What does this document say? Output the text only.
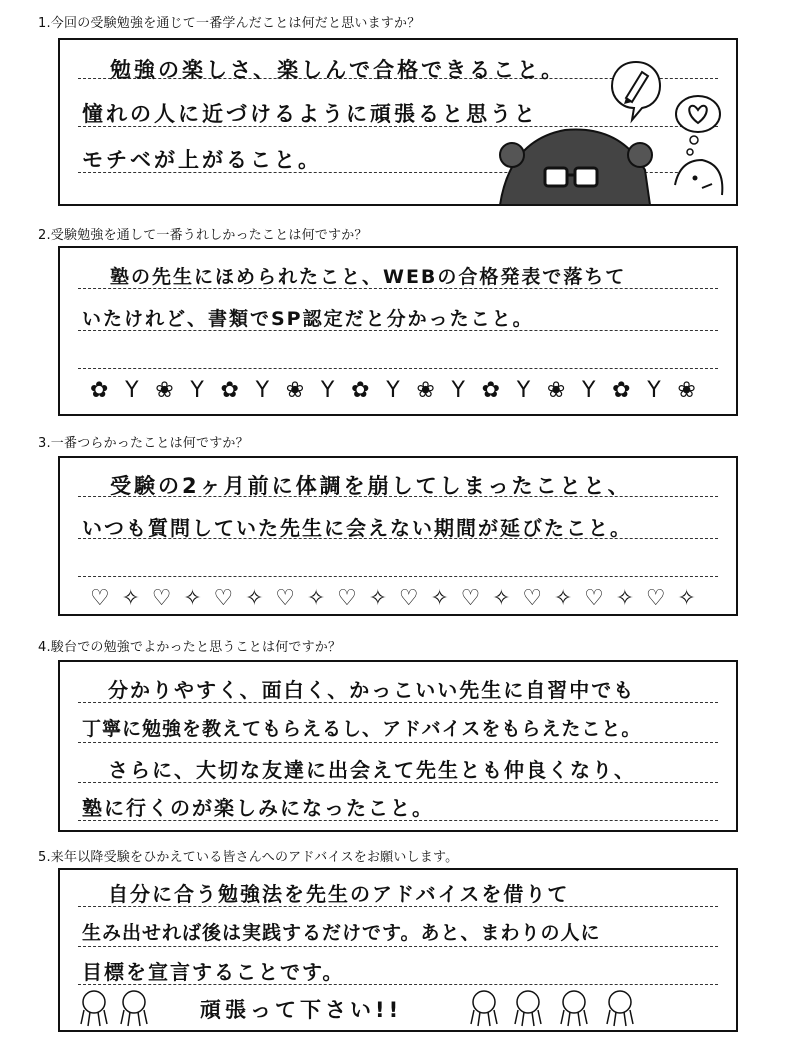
1.今回の受験勉強を通じて一番学んだことは何だと思いますか？
勉強の楽しさ、楽しんで合格できること。
憧れの人に近づけるように頑張ると思うと
モチベが上がること。
2.受験勉強を通して一番うれしかったことは何ですか？
塾の先生にほめられたこと、WEBの合格発表で落ちて
いたけれど、書類でSP認定だと分かったこと。
✿ Y ❀ Y ✿ Y ❀ Y ✿ Y ❀ Y ✿ Y ❀ Y ✿ Y ❀
3.一番つらかったことは何ですか？
受験の2ヶ月前に体調を崩してしまったことと、
いつも質問していた先生に会えない期間が延びたこと。
♡ ✧ ♡ ✧ ♡ ✧ ♡ ✧ ♡ ✧ ♡ ✧ ♡ ✧ ♡ ✧ ♡ ✧ ♡ ✧
4.駿台での勉強でよかったと思うことは何ですか？
分かりやすく、面白く、かっこいい先生に自習中でも
丁寧に勉強を教えてもらえるし、アドバイスをもらえたこと。
さらに、大切な友達に出会えて先生とも仲良くなり、
塾に行くのが楽しみになったこと。
5.来年以降受験をひかえている皆さんへのアドバイスをお願いします。
自分に合う勉強法を先生のアドバイスを借りて
生み出せれば後は実践するだけです。あと、まわりの人に
目標を宣言することです。
頑張って下さい!!
